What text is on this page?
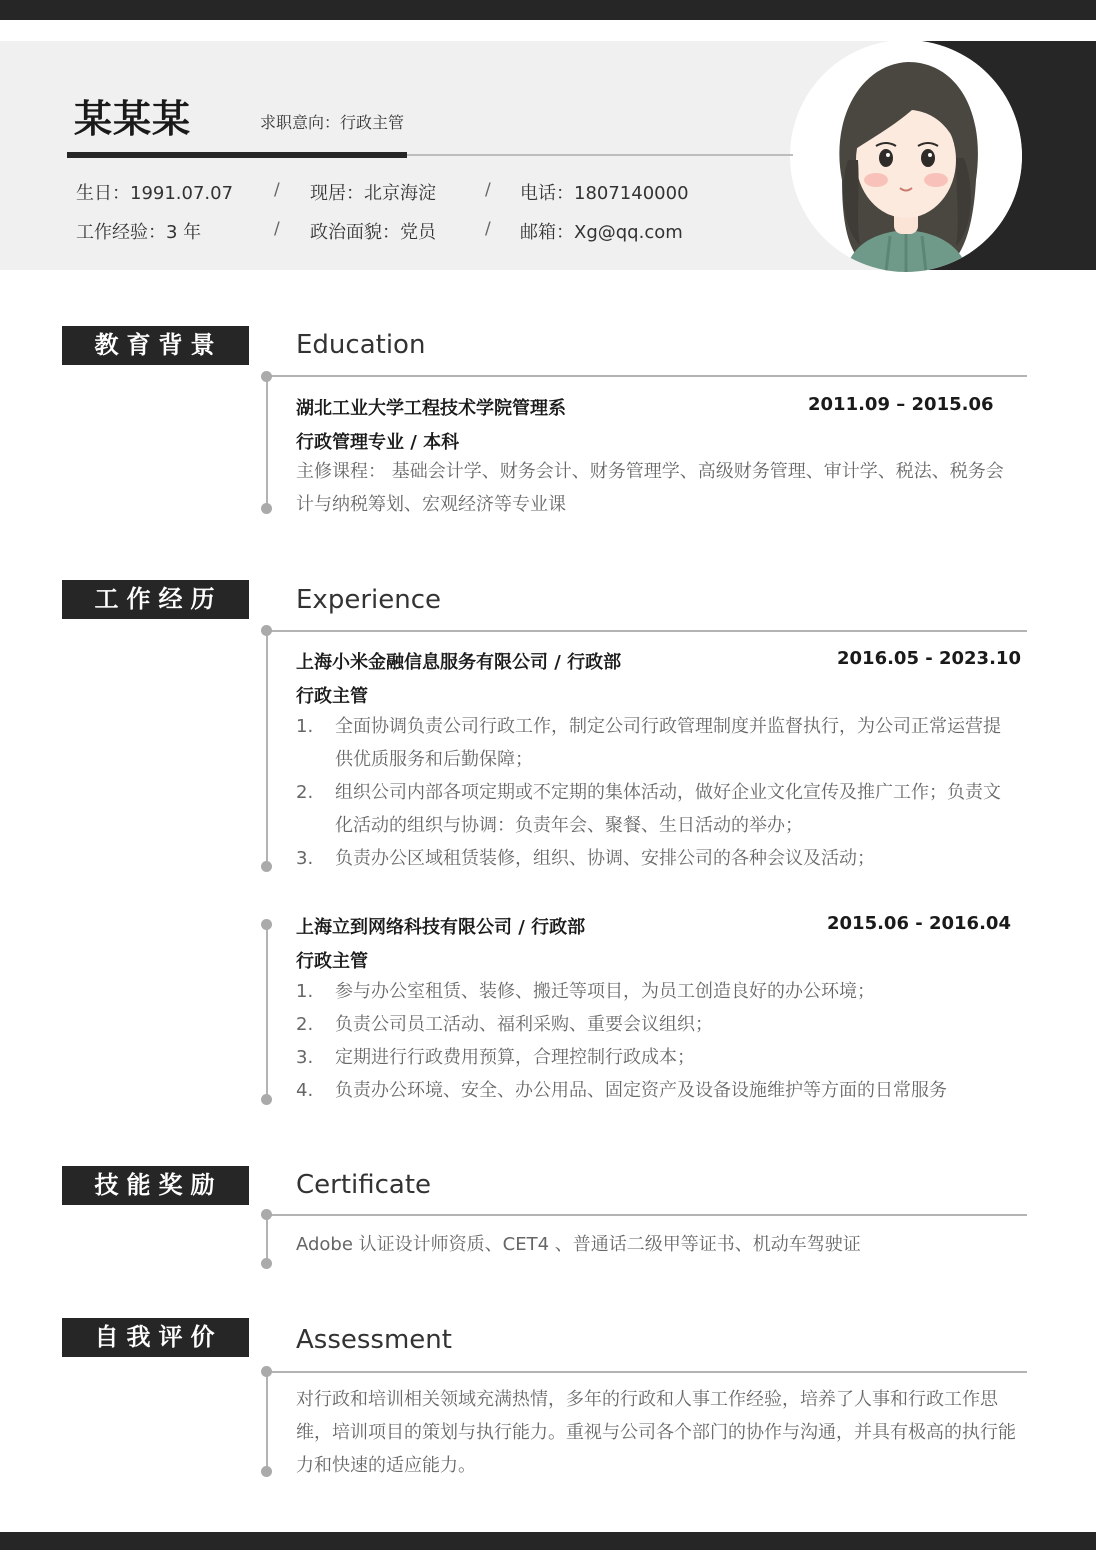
某某某	求职意向：行政主管
生日：1991.07.07 / 现居：北京海淀	/ 电话：1807140000
工作经验：3 年	/ 政治面貌：党员	/ 邮箱：Xg@qq.com
教育背景	Education
湖北工业大学工程技术学院管理系	2011.09 – 2015.06
行政管理专业 / 本科
主修课程： 基础会计学、财务会计、财务管理学、高级财务管理、审计学、税法、税务会计与纳税筹划、宏观经济等专业课
工作经历	Experience
上海小米金融信息服务有限公司 / 行政部	2016.05 - 2023.10
行政主管
1.	全面协调负责公司行政工作，制定公司行政管理制度并监督执行，为公司正常运营提供优质服务和后勤保障；
2.	组织公司内部各项定期或不定期的集体活动，做好企业文化宣传及推广工作；负责文化活动的组织与协调：负责年会、聚餐、生日活动的举办；
3.	负责办公区域租赁装修，组织、协调、安排公司的各种会议及活动；
上海立到网络科技有限公司 / 行政部	2015.06 - 2016.04
行政主管
1.	参与办公室租赁、装修、搬迁等项目，为员工创造良好的办公环境；
2.	负责公司员工活动、福利采购、重要会议组织；
3.	定期进行行政费用预算，合理控制行政成本；
4.	负责办公环境、安全、办公用品、固定资产及设备设施维护等方面的日常服务
技能奖励	Certificate
Adobe 认证设计师资质、CET4 、普通话二级甲等证书、机动车驾驶证
自我评价	Assessment
对行政和培训相关领域充满热情，多年的行政和人事工作经验，培养了人事和行政工作思维，培训项目的策划与执行能力。重视与公司各个部门的协作与沟通，并具有极高的执行能力和快速的适应能力。
